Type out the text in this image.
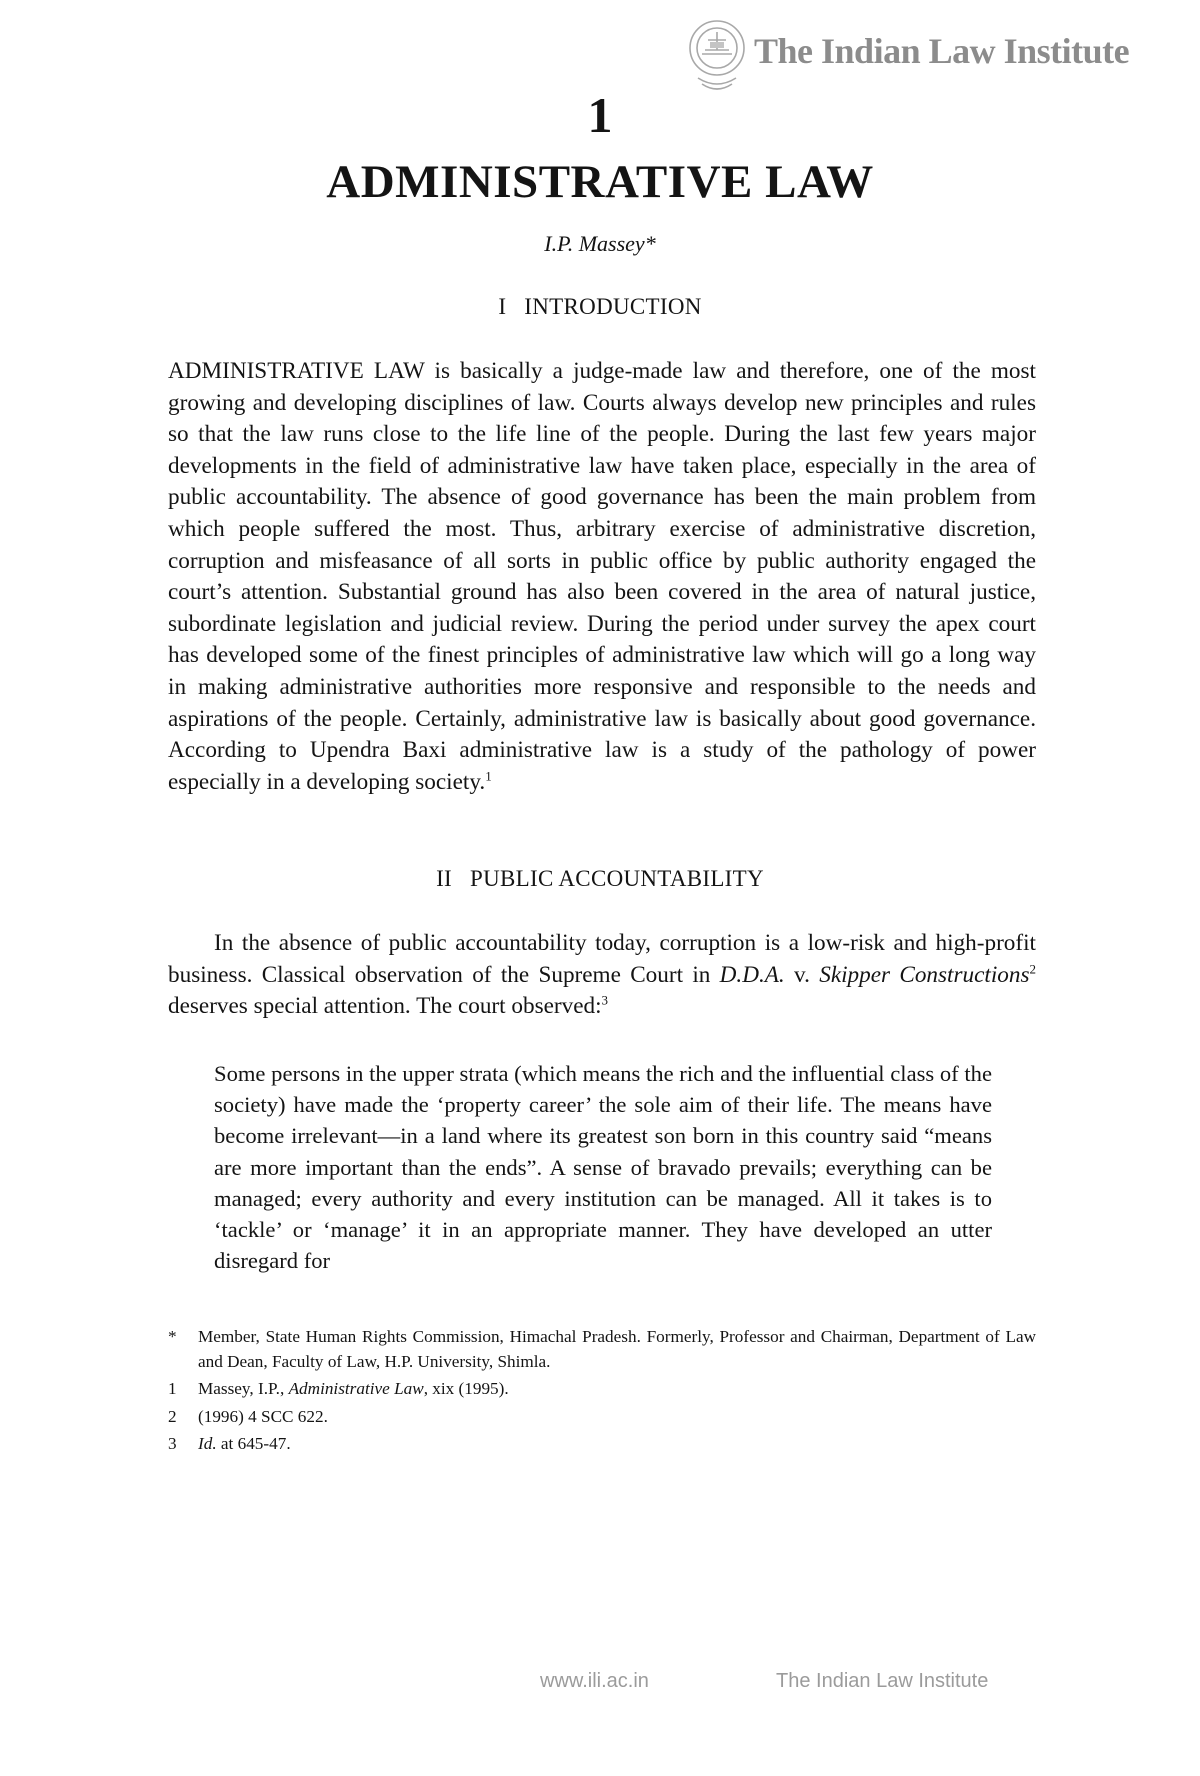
The Indian Law Institute
1
ADMINISTRATIVE LAW
I.P. Massey*
I INTRODUCTION
ADMINISTRATIVE LAW is basically a judge-made law and therefore, one of the most growing and developing disciplines of law. Courts always develop new principles and rules so that the law runs close to the life line of the people. During the last few years major developments in the field of administrative law have taken place, especially in the area of public accountability. The absence of good governance has been the main problem from which people suffered the most. Thus, arbitrary exercise of administrative discretion, corruption and misfeasance of all sorts in public office by public authority engaged the court’s attention. Substantial ground has also been covered in the area of natural justice, subordinate legislation and judicial review. During the period under survey the apex court has developed some of the finest principles of administrative law which will go a long way in making administrative authorities more responsive and responsible to the needs and aspirations of the people. Certainly, administrative law is basically about good governance. According to Upendra Baxi administrative law is a study of the pathology of power especially in a developing society.$^1$
II PUBLIC ACCOUNTABILITY
In the absence of public accountability today, corruption is a low-risk and high-profit business. Classical observation of the Supreme Court in D.D.A. v. Skipper Constructions$^2$ deserves special attention. The court observed:$^3$
Some persons in the upper strata (which means the rich and the influential class of the society) have made the ‘property career’ the sole aim of their life. The means have become irrelevant—in a land where its greatest son born in this country said “means are more important than the ends”. A sense of bravado prevails; everything can be managed; every authority and every institution can be managed. All it takes is to ‘tackle’ or ‘manage’ it in an appropriate manner. They have developed an utter disregard for
*	Member, State Human Rights Commission, Himachal Pradesh. Formerly, Professor and Chairman, Department of Law and Dean, Faculty of Law, H.P. University, Shimla.
1	Massey, I.P., Administrative Law, xix (1995).
2	(1996) 4 SCC 622.
3	Id. at 645-47.
www.ili.ac.in	The Indian Law Institute
